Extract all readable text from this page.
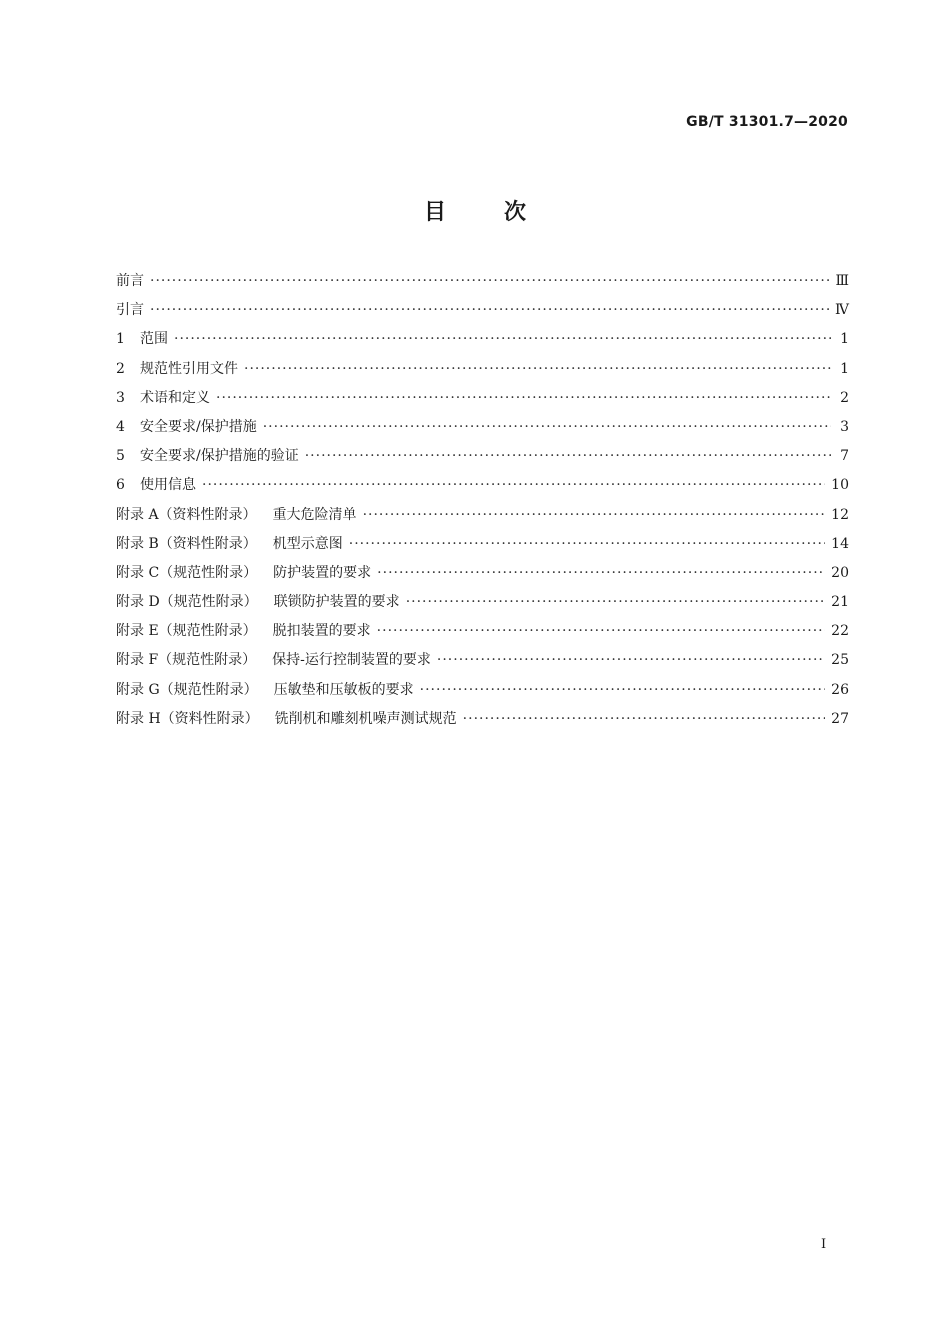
GB/T 31301.7—2020
目	次
前言 ·····	Ⅲ
引言 ·····	Ⅳ
1	范围 ·····	1
2	规范性引用文件 ·····	1
3	术语和定义 ·····	2
4	安全要求/保护措施 ·····	3
5	安全要求/保护措施的验证 ·····	7
6	使用信息 ·····	10
附录 A（资料性附录） 重大危险清单 ·····	12
附录 B（资料性附录） 机型示意图 ·····	14
附录 C（规范性附录） 防护装置的要求 ·····	20
附录 D（规范性附录） 联锁防护装置的要求 ·····	21
附录 E（规范性附录） 脱扣装置的要求 ·····	22
附录 F（规范性附录） 保持-运行控制装置的要求 ·····	25
附录 G（规范性附录） 压敏垫和压敏板的要求 ·····	26
附录 H（资料性附录） 铣削机和雕刻机噪声测试规范 ·····	27
I
